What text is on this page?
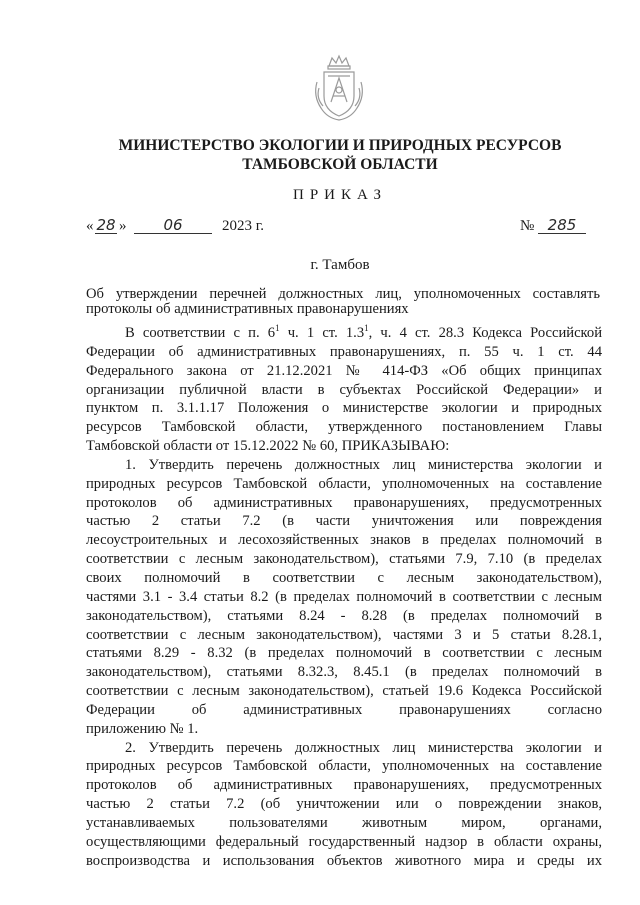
МИНИСТЕРСТВО ЭКОЛОГИИ И ПРИРОДНЫХ РЕСУРСОВ
ТАМБОВСКОЙ ОБЛАСТИ
ПРИКАЗ
« 28 »	06	2023 г.	№ 285
г. Тамбов
Об утверждении перечней должностных лиц, уполномоченных составлять протоколы об административных правонарушениях
В соответствии с п. $6^1$ ч. 1 ст. $1.3^1$, ч. 4 ст. 28.3 Кодекса Российской
Федерации об административных правонарушениях, п. 55 ч. 1 ст. 44
Федерального закона от 21.12.2021 № 414-ФЗ «Об общих принципах
организации публичной власти в субъектах Российской Федерации» и
пунктом п. 3.1.1.17 Положения о министерстве экологии и природных
ресурсов Тамбовской области, утвержденного постановлением Главы
Тамбовской области от 15.12.2022 № 60, ПРИКАЗЫВАЮ:
1. Утвердить перечень должностных лиц министерства экологии и
природных ресурсов Тамбовской области, уполномоченных на составление
протоколов об административных правонарушениях, предусмотренных
частью 2 статьи 7.2 (в части уничтожения или повреждения
лесоустроительных и лесохозяйственных знаков в пределах полномочий в
соответствии с лесным законодательством), статьями 7.9, 7.10 (в пределах
своих полномочий в соответствии с лесным законодательством),
частями 3.1 - 3.4 статьи 8.2 (в пределах полномочий в соответствии с лесным
законодательством), статьями 8.24 - 8.28 (в пределах полномочий в
соответствии с лесным законодательством), частями 3 и 5 статьи 8.28.1,
статьями 8.29 - 8.32 (в пределах полномочий в соответствии с лесным
законодательством), статьями 8.32.3, 8.45.1 (в пределах полномочий в
соответствии с лесным законодательством), статьей 19.6 Кодекса Российской
Федерации об административных правонарушениях согласно
приложению № 1.
2. Утвердить перечень должностных лиц министерства экологии и
природных ресурсов Тамбовской области, уполномоченных на составление
протоколов об административных правонарушениях, предусмотренных
частью 2 статьи 7.2 (об уничтожении или о повреждении знаков,
устанавливаемых пользователями животным миром, органами,
осуществляющими федеральный государственный надзор в области охраны,
воспроизводства и использования объектов животного мира и среды их
